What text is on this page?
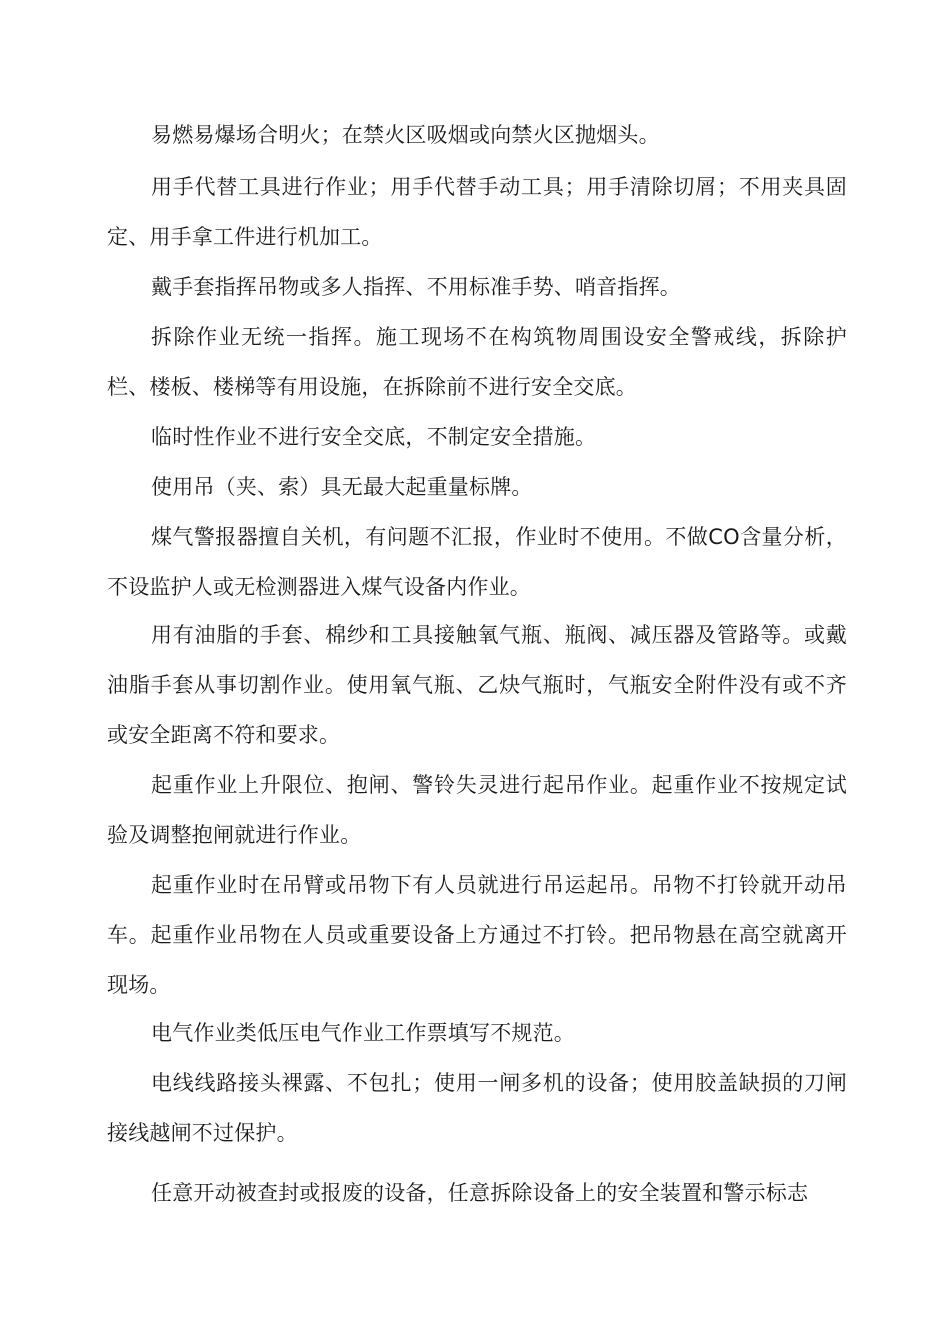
易燃易爆场合明火；在禁火区吸烟或向禁火区抛烟头。

用手代替工具进行作业；用手代替手动工具；用手清除切屑；不用夹具固定、用手拿工件进行机加工。

戴手套指挥吊物或多人指挥、不用标准手势、哨音指挥。

拆除作业无统一指挥。施工现场不在构筑物周围设安全警戒线，拆除护栏、楼板、楼梯等有用设施，在拆除前不进行安全交底。

临时性作业不进行安全交底，不制定安全措施。

使用吊（夹、索）具无最大起重量标牌。

煤气警报器擅自关机，有问题不汇报，作业时不使用。不做CO含量分析，不设监护人或无检测器进入煤气设备内作业。

用有油脂的手套、棉纱和工具接触氧气瓶、瓶阀、减压器及管路等。或戴油脂手套从事切割作业。使用氧气瓶、乙炔气瓶时，气瓶安全附件没有或不齐或安全距离不符和要求。

起重作业上升限位、抱闸、警铃失灵进行起吊作业。起重作业不按规定试验及调整抱闸就进行作业。

起重作业时在吊臂或吊物下有人员就进行吊运起吊。吊物不打铃就开动吊车。起重作业吊物在人员或重要设备上方通过不打铃。把吊物悬在高空就离开现场。

电气作业类低压电气作业工作票填写不规范。

电线线路接头裸露、不包扎；使用一闸多机的设备；使用胶盖缺损的刀闸接线越闸不过保护。

任意开动被查封或报废的设备，任意拆除设备上的安全装置和警示标志
